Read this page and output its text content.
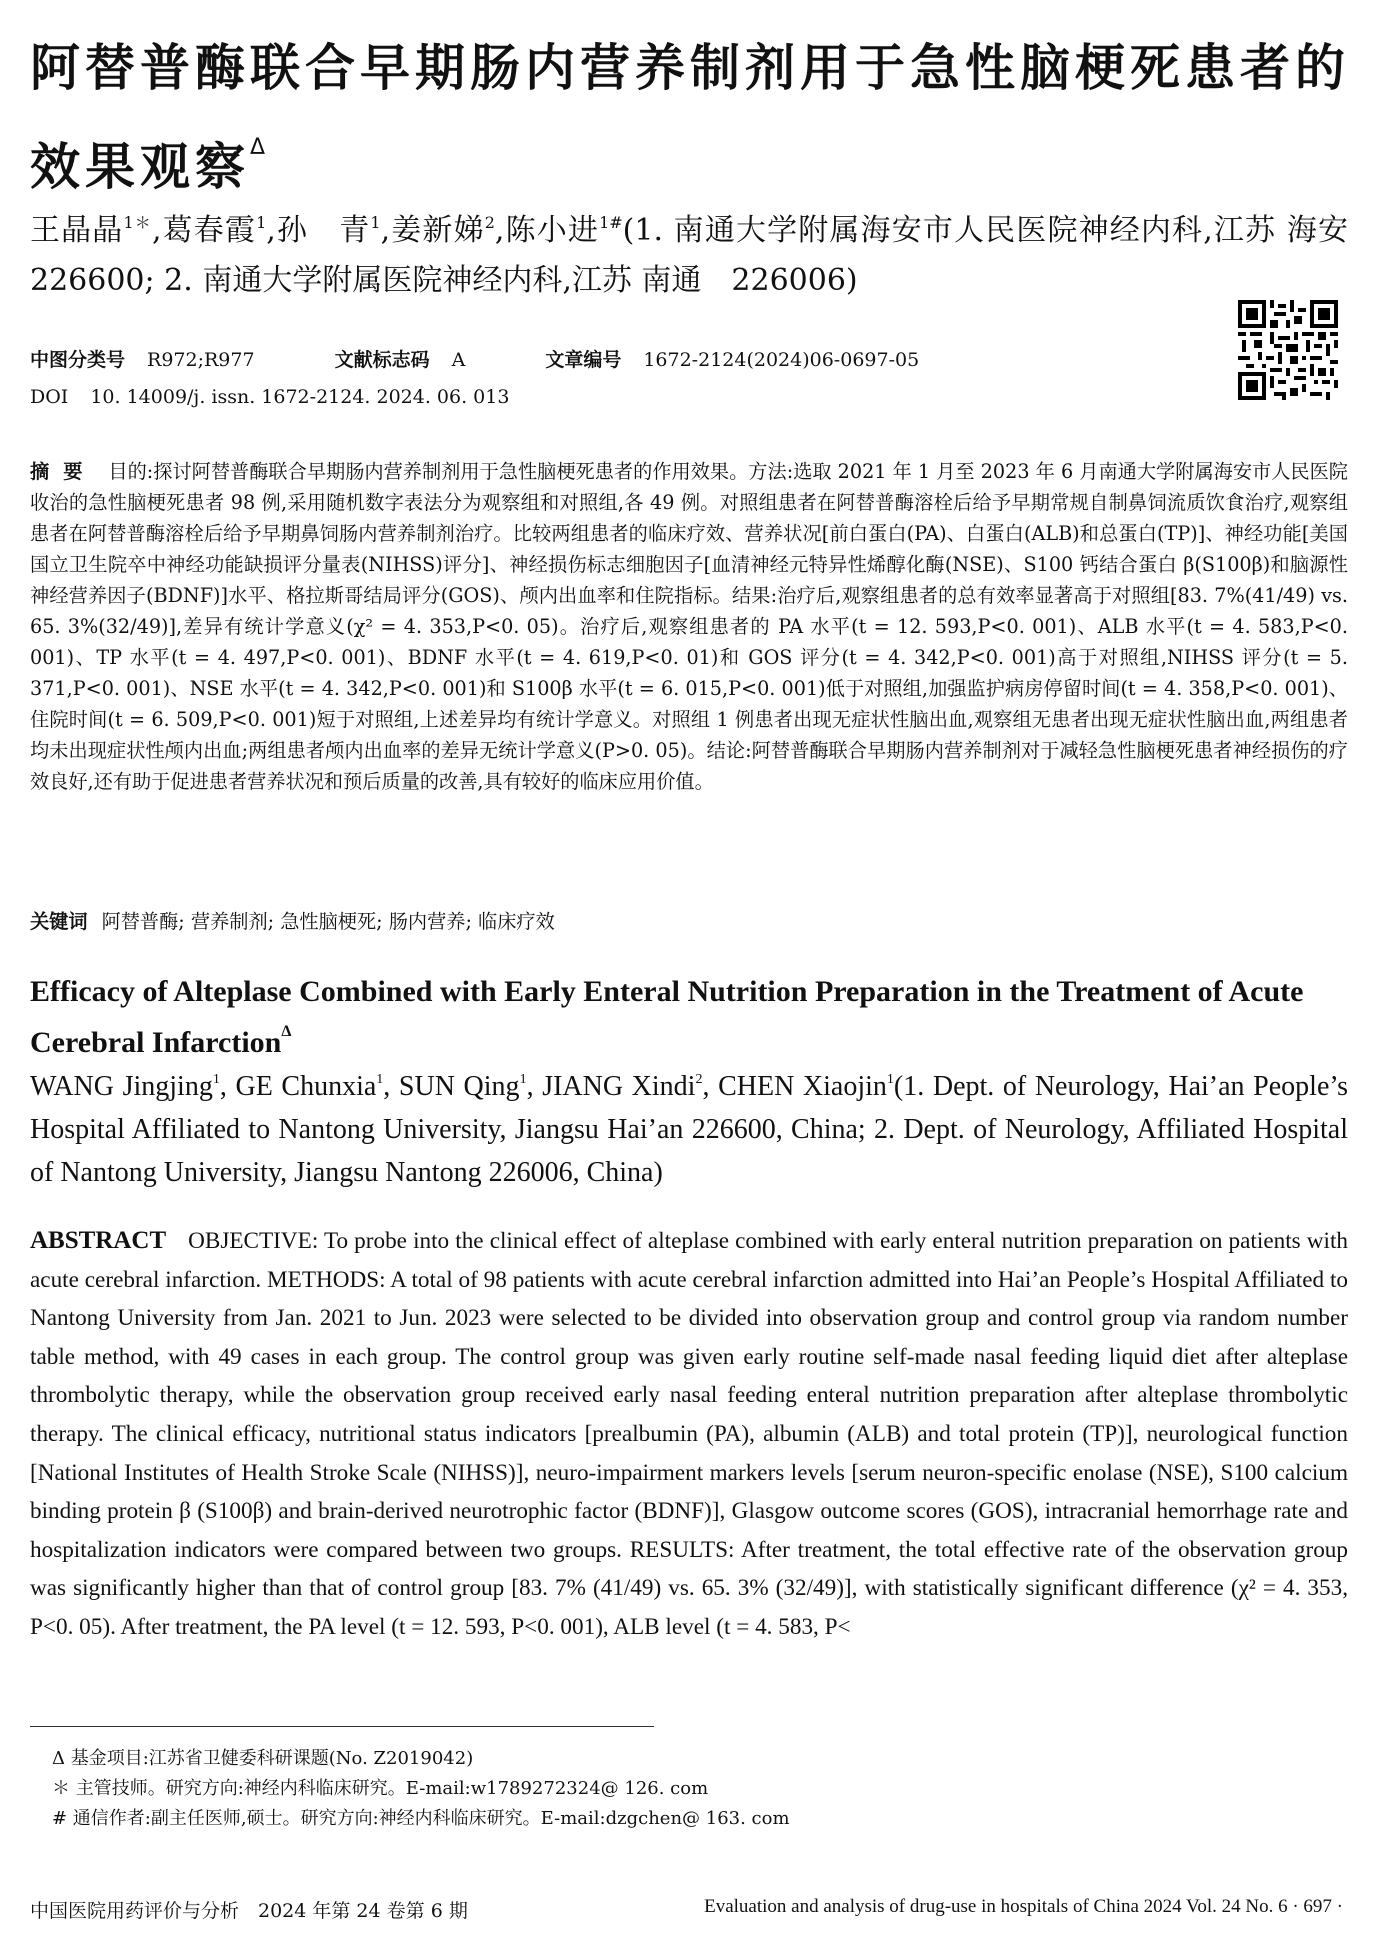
阿替普酶联合早期肠内营养制剂用于急性脑梗死患者的效果观察$^\Delta$
王晶晶$^{1*}$,葛春霞$^1$,孙　青$^1$,姜新娣$^2$,陈小进$^{1\#}$(1. 南通大学附属海安市人民医院神经内科,江苏 海安 226600; 2. 南通大学附属医院神经内科,江苏 南通　226006)
中图分类号 R972;R977	文献标志码 A	文章编号 1672-2124(2024)06-0697-05
DOI 10. 14009/j. issn. 1672-2124. 2024. 06. 013
摘要 目的:探讨阿替普酶联合早期肠内营养制剂用于急性脑梗死患者的作用效果。方法:选取 2021 年 1 月至 2023 年 6 月南通大学附属海安市人民医院收治的急性脑梗死患者 98 例,采用随机数字表法分为观察组和对照组,各 49 例。对照组患者在阿替普酶溶栓后给予早期常规自制鼻饲流质饮食治疗,观察组患者在阿替普酶溶栓后给予早期鼻饲肠内营养制剂治疗。比较两组患者的临床疗效、营养状况[前白蛋白(PA)、白蛋白(ALB)和总蛋白(TP)]、神经功能[美国国立卫生院卒中神经功能缺损评分量表(NIHSS)评分]、神经损伤标志细胞因子[血清神经元特异性烯醇化酶(NSE)、S100 钙结合蛋白 β(S100β)和脑源性神经营养因子(BDNF)]水平、格拉斯哥结局评分(GOS)、颅内出血率和住院指标。结果:治疗后,观察组患者的总有效率显著高于对照组[83. 7%(41/49) vs. 65. 3%(32/49)],差异有统计学意义(χ² = 4. 353,P<0. 05)。治疗后,观察组患者的 PA 水平(t = 12. 593,P<0. 001)、ALB 水平(t = 4. 583,P<0. 001)、TP 水平(t = 4. 497,P<0. 001)、BDNF 水平(t = 4. 619,P<0. 01)和 GOS 评分(t = 4. 342,P<0. 001)高于对照组,NIHSS 评分(t = 5. 371,P<0. 001)、NSE 水平(t = 4. 342,P<0. 001)和 S100β 水平(t = 6. 015,P<0. 001)低于对照组,加强监护病房停留时间(t = 4. 358,P<0. 001)、住院时间(t = 6. 509,P<0. 001)短于对照组,上述差异均有统计学意义。对照组 1 例患者出现无症状性脑出血,观察组无患者出现无症状性脑出血,两组患者均未出现症状性颅内出血;两组患者颅内出血率的差异无统计学意义(P>0. 05)。结论:阿替普酶联合早期肠内营养制剂对于减轻急性脑梗死患者神经损伤的疗效良好,还有助于促进患者营养状况和预后质量的改善,具有较好的临床应用价值。
关键词 阿替普酶; 营养制剂; 急性脑梗死; 肠内营养; 临床疗效
Efficacy of Alteplase Combined with Early Enteral Nutrition Preparation in the Treatment of Acute Cerebral Infarction$^\Delta$
WANG Jingjing$^1$, GE Chunxia$^1$, SUN Qing$^1$, JIANG Xindi$^2$, CHEN Xiaojin$^1$(1. Dept. of Neurology, Hai’an People’s Hospital Affiliated to Nantong University, Jiangsu Hai’an 226600, China; 2. Dept. of Neurology, Affiliated Hospital of Nantong University, Jiangsu Nantong 226006, China)
ABSTRACT OBJECTIVE: To probe into the clinical effect of alteplase combined with early enteral nutrition preparation on patients with acute cerebral infarction. METHODS: A total of 98 patients with acute cerebral infarction admitted into Hai’an People’s Hospital Affiliated to Nantong University from Jan. 2021 to Jun. 2023 were selected to be divided into observation group and control group via random number table method, with 49 cases in each group. The control group was given early routine self-made nasal feeding liquid diet after alteplase thrombolytic therapy, while the observation group received early nasal feeding enteral nutrition preparation after alteplase thrombolytic therapy. The clinical efficacy, nutritional status indicators [prealbumin (PA), albumin (ALB) and total protein (TP)], neurological function [National Institutes of Health Stroke Scale (NIHSS)], neuro-impairment markers levels [serum neuron-specific enolase (NSE), S100 calcium binding protein β (S100β) and brain-derived neurotrophic factor (BDNF)], Glasgow outcome scores (GOS), intracranial hemorrhage rate and hospitalization indicators were compared between two groups. RESULTS: After treatment, the total effective rate of the observation group was significantly higher than that of control group [83. 7% (41/49) vs. 65. 3% (32/49)], with statistically significant difference (χ² = 4. 353, P<0. 05). After treatment, the PA level (t = 12. 593, P<0. 001), ALB level (t = 4. 583, P<
Δ 基金项目:江苏省卫健委科研课题(No. Z2019042)
＊ 主管技师。研究方向:神经内科临床研究。E-mail:w1789272324@ 126. com
# 通信作者:副主任医师,硕士。研究方向:神经内科临床研究。E-mail:dzgchen@ 163. com
中国医院用药评价与分析　2024 年第 24 卷第 6 期	Evaluation and analysis of drug-use in hospitals of China 2024 Vol. 24 No. 6 · 697 ·
